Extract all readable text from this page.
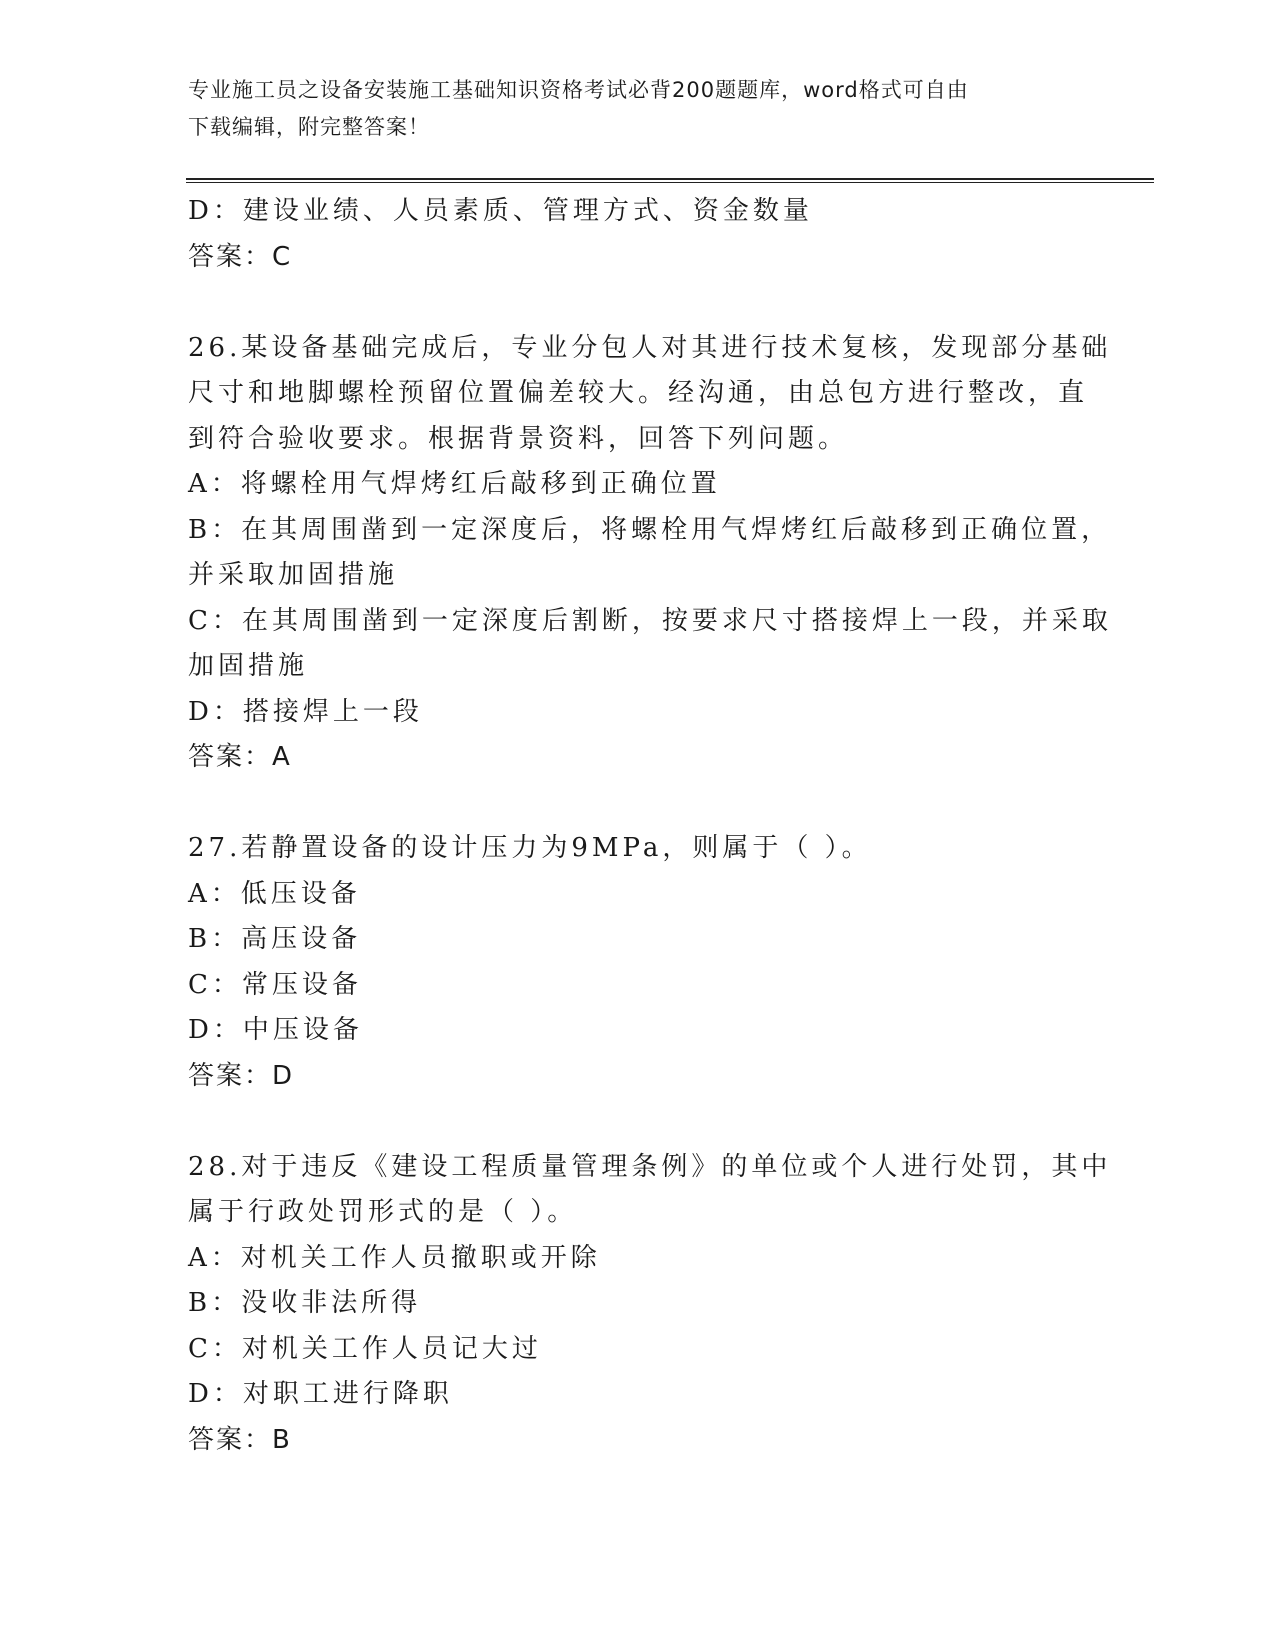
专业施工员之设备安装施工基础知识资格考试必背200题题库，word格式可自由
下载编辑，附完整答案！
D：建设业绩、人员素质、管理方式、资金数量
答案：C
26.某设备基础完成后，专业分包人对其进行技术复核，发现部分基础
尺寸和地脚螺栓预留位置偏差较大。经沟通，由总包方进行整改，直
到符合验收要求。根据背景资料，回答下列问题。
A：将螺栓用气焊烤红后敲移到正确位置
B：在其周围凿到一定深度后，将螺栓用气焊烤红后敲移到正确位置，
并采取加固措施
C：在其周围凿到一定深度后割断，按要求尺寸搭接焊上一段，并采取
加固措施
D：搭接焊上一段
答案：A
27.若静置设备的设计压力为9MPa，则属于（ ）。
A：低压设备
B：高压设备
C：常压设备
D：中压设备
答案：D
28.对于违反《建设工程质量管理条例》的单位或个人进行处罚，其中
属于行政处罚形式的是（ ）。
A：对机关工作人员撤职或开除
B：没收非法所得
C：对机关工作人员记大过
D：对职工进行降职
答案：B
